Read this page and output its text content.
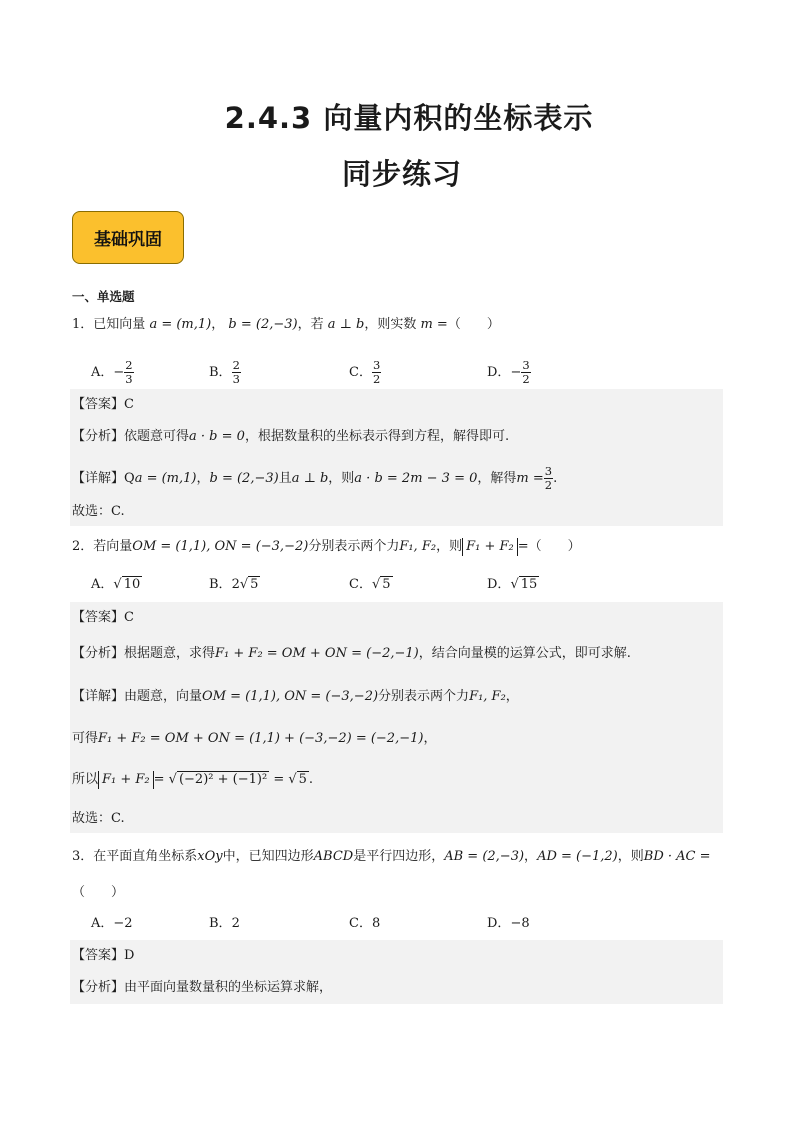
2.4.3 向量内积的坐标表示
同步练习
基础巩固
一、单选题
1．已知向量 a = (m,1)， b = (2,−3)，若 a ⊥ b，则实数 m =（　　）
A．− $\frac{2}{3}$	B． $\frac{2}{3}$	C． $\frac{3}{2}$	D．− $\frac{3}{2}$
【答案】C
【分析】依题意可得a · b = 0，根据数量积的坐标表示得到方程，解得即可.
【详解】Qa = (m,1)，b = (2,−3)且a ⊥ b，则a · b = 2m − 3 = 0，解得$m = \frac{3}{2}$ .
故选：C.
2．若向量OM = (1,1), ON = (−3,−2)分别表示两个力F₁, F₂，则 F₁ + F₂ =（　　）
A．√ 10	B．2√ 5	C．√ 5	D．√ 15
【答案】C
【分析】根据题意，求得F₁ + F₂ = OM + ON = (−2,−1)，结合向量模的运算公式，即可求解.
【详解】由题意，向量OM = (1,1), ON = (−3,−2)分别表示两个力F₁, F₂，
可得F₁ + F₂ = OM + ON = (1,1) + (−3,−2) = (−2,−1)，
所以 F₁ + F₂ = √ (−2)² + (−1)² = √ 5 .
故选：C.
3．在平面直角坐标系xOy中，已知四边形ABCD是平行四边形，AB = (2,−3)，AD = (−1,2)，则BD · AC =
（　　）
A．−2	B．2	C．8	D．−8
【答案】D
【分析】由平面向量数量积的坐标运算求解，
